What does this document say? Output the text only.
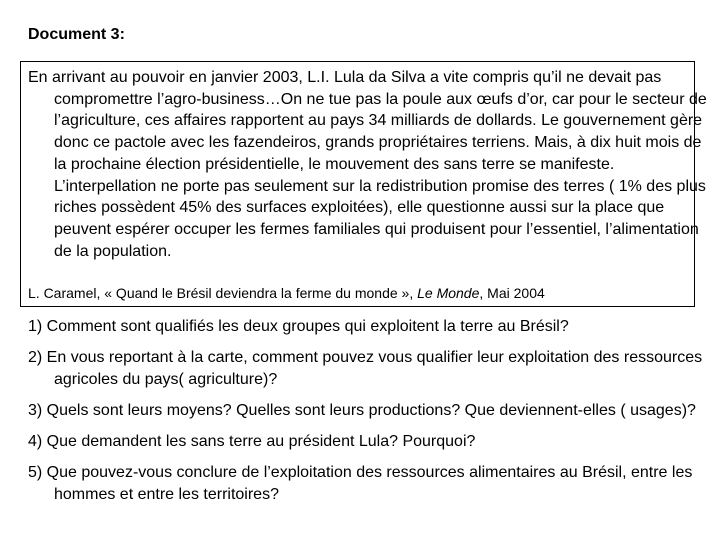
Document 3:

En arrivant au pouvoir en janvier 2003, L.I. Lula da Silva a vite compris qu’il ne devait pas compromettre l’agro-business…On ne tue pas la poule aux œufs d’or, car pour le secteur de l’agriculture, ces affaires rapportent au pays 34 milliards de dollards. Le gouvernement gère donc ce pactole avec les fazendeiros, grands propriétaires terriens. Mais, à dix huit mois de la prochaine élection présidentielle, le mouvement des sans terre se manifeste. L’interpellation ne porte pas seulement sur la redistribution promise des terres ( 1% des plus riches possèdent 45% des surfaces exploitées), elle questionne aussi sur la place que peuvent espérer occuper les fermes familiales qui produisent pour l’essentiel, l’alimentation de la population.

L. Caramel, « Quand le Brésil deviendra la ferme du monde », Le Monde, Mai 2004

1) Comment sont qualifiés les deux groupes qui exploitent la terre au Brésil?
2) En vous reportant à la carte, comment pouvez vous qualifier leur exploitation des ressources agricoles du pays( agriculture)?
3) Quels sont leurs moyens? Quelles sont leurs productions? Que deviennent-elles ( usages)?
4) Que demandent les sans terre au président Lula? Pourquoi?
5) Que pouvez-vous conclure de l’exploitation des ressources alimentaires au Brésil, entre les hommes et entre les territoires?
